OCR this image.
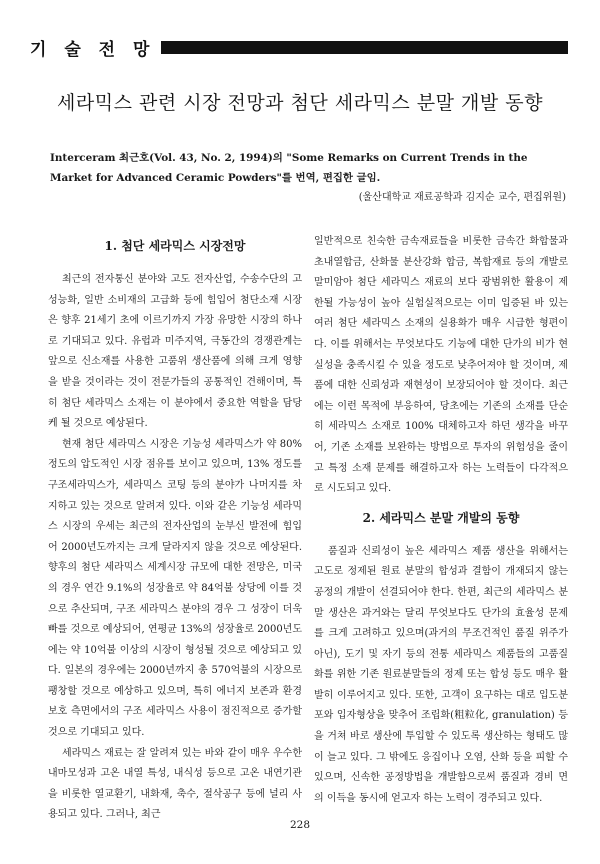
기 술 전 망
세라믹스 관련 시장 전망과 첨단 세라믹스 분말 개발 동향

Interceram 최근호(Vol. 43, No. 2, 1994)의 "Some Remarks on Current Trends in the Market for Advanced Ceramic Powders"를 번역, 편집한 글임.

(울산대학교 재료공학과 김지순 교수, 편집위원)
1. 첨단 세라믹스 시장전망

최근의 전자통신 분야와 고도 전자산업, 수송수단의 고성능화, 일반 소비재의 고급화 등에 힘입어 첨단소재 시장은 향후 21세기 초에 이르기까지 가장 유망한 시장의 하나로 기대되고 있다. 유럽과 미주지역, 극동간의 경쟁관계는 앞으로 신소재를 사용한 고품위 생산품에 의해 크게 영향을 받을 것이라는 것이 전문가들의 공통적인 견해이며, 특히 첨단 세라믹스 소재는 이 분야에서 중요한 역할을 담당케 될 것으로 예상된다.

현재 첨단 세라믹스 시장은 기능성 세라믹스가 약 80% 정도의 압도적인 시장 점유를 보이고 있으며, 13% 정도를 구조세라믹스가, 세라믹스 코팅 등의 분야가 나머지를 차지하고 있는 것으로 알려져 있다. 이와 같은 기능성 세라믹스 시장의 우세는 최근의 전자산업의 눈부신 발전에 힘입어 2000년도까지는 크게 달라지지 않을 것으로 예상된다. 향후의 첨단 세라믹스 세계시장 규모에 대한 전망은, 미국의 경우 연간 9.1%의 성장율로 약 84억불 상당에 이를 것으로 추산되며, 구조 세라믹스 분야의 경우 그 성장이 더욱 빠를 것으로 예상되어, 연평균 13%의 성장율로 2000년도에는 약 10억불 이상의 시장이 형성될 것으로 예상되고 있다. 일본의 경우에는 2000년까지 총 570억불의 시장으로 팽창할 것으로 예상하고 있으며, 특히 에너지 보존과 환경보호 측면에서의 구조 세라믹스 사용이 점진적으로 증가할 것으로 기대되고 있다.

세라믹스 재료는 잘 알려져 있는 바와 같이 매우 우수한 내마모성과 고온 내열 특성, 내식성 등으로 고온 내연기관을 비롯한 열교환기, 내화재, 축수, 절삭공구 등에 널리 사용되고 있다. 그러나, 최근

일반적으로 친숙한 금속재료들을 비롯한 금속간 화합물과 초내열합금, 산화물 분산강화 합금, 복합재료 등의 개발로 말미암아 첨단 세라믹스 재료의 보다 광범위한 활용이 제한될 가능성이 높아 실험실적으로는 이미 입증된 바 있는 여러 첨단 세라믹스 소재의 실용화가 매우 시급한 형편이다. 이를 위해서는 무엇보다도 기능에 대한 단가의 비가 현실성을 충족시킬 수 있을 정도로 낮추어져야 할 것이며, 제품에 대한 신뢰성과 재현성이 보장되어야 할 것이다. 최근에는 이런 목적에 부응하여, 당초에는 기존의 소재를 단순히 세라믹스 소재로 100% 대체하고자 하던 생각을 바꾸어, 기존 소재를 보완하는 방법으로 투자의 위험성을 줄이고 특정 소재 문제를 해결하고자 하는 노력들이 다각적으로 시도되고 있다.

2. 세라믹스 분말 개발의 동향

품질과 신뢰성이 높은 세라믹스 제품 생산을 위해서는 고도로 정제된 원료 분말의 합성과 결함이 개재되지 않는 공정의 개발이 선결되어야 한다. 한편, 최근의 세라믹스 분말 생산은 과거와는 달리 무엇보다도 단가의 효율성 문제를 크게 고려하고 있으며(과거의 무조건적인 품질 위주가 아닌), 도기 및 자기 등의 전통 세라믹스 제품들의 고품질화를 위한 기존 원료분말들의 정제 또는 합성 등도 매우 활발히 이루어지고 있다. 또한, 고객이 요구하는 대로 입도분포와 입자형상을 맞추어 조립화(粗粒化, granulation) 등을 거쳐 바로 생산에 투입할 수 있도록 생산하는 형태도 많이 늘고 있다. 그 밖에도 응집이나 오염, 산화 등을 피할 수 있으며, 신속한 공정방법을 개발함으로써 품질과 경비 면의 이득을 동시에 얻고자 하는 노력이 경주되고 있다.

228
